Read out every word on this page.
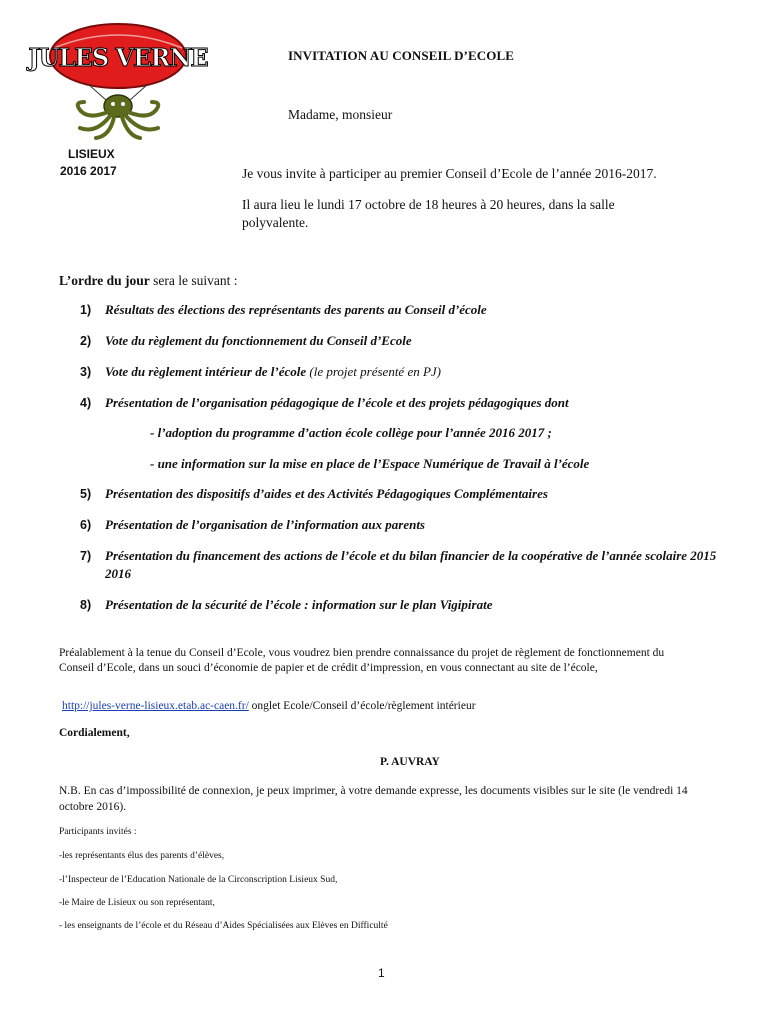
JULES VERNE
LISIEUX
2016 2017
INVITATION AU CONSEIL D’ECOLE
Madame, monsieur
Je vous invite à participer au premier Conseil d’Ecole de l’année 2016-2017.
Il aura lieu le lundi 17 octobre de 18 heures à 20 heures, dans la salle polyvalente.
L’ordre du jour sera le suivant :
1) Résultats des élections des représentants des parents au Conseil d’école
2) Vote du règlement du fonctionnement du Conseil d’Ecole
3) Vote du règlement intérieur de l’école (le projet présenté en PJ)
4) Présentation de l’organisation pédagogique de l’école et des projets pédagogiques dont
5) Présentation des dispositifs d’aides et des Activités Pédagogiques Complémentaires
6) Présentation de l’organisation de l’information aux parents
7) Présentation du financement des actions de l’école et du bilan financier de la coopérative de l’année scolaire 2015 2016
8) Présentation de la sécurité de l’école : information sur le plan Vigipirate
- l’adoption du programme d’action école collège pour l’année 2016 2017 ;
- une information sur la mise en place de l’Espace Numérique de Travail à l’école
Préalablement à la tenue du Conseil d’Ecole, vous voudrez bien prendre connaissance du projet de règlement de fonctionnement du Conseil d’Ecole, dans un souci d’économie de papier et de crédit d’impression, en vous connectant au site de l’école,
http://jules-verne-lisieux.etab.ac-caen.fr/ onglet Ecole/Conseil d’école/règlement intérieur
Cordialement,
P. AUVRAY
N.B. En cas d’impossibilité de connexion, je peux imprimer, à votre demande expresse, les documents visibles sur le site (le vendredi 14 octobre 2016).
Participants invités :
-les représentants élus des parents d’élèves,
-l’Inspecteur de l’Education Nationale de la Circonscription Lisieux Sud,
-le Maire de Lisieux ou son représentant,
- les enseignants de l’école et du Réseau d’Aides Spécialisées aux Elèves en Difficulté
1
